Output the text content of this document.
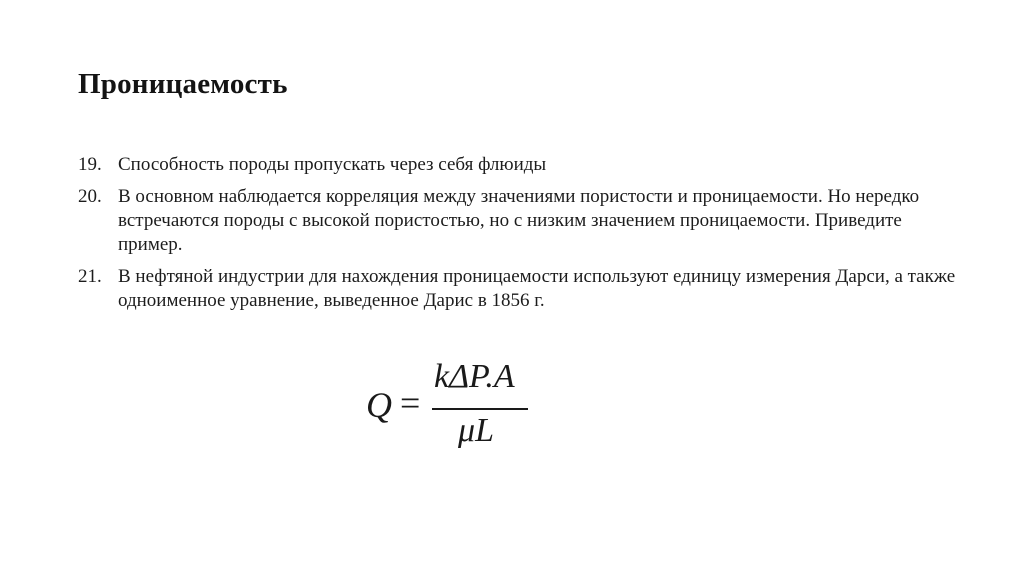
Проницаемость
19. Способность породы пропускать через себя флюиды
20. В основном наблюдается корреляция между значениями пористости и проницаемости. Но нередко встречаются породы с высокой пористостью, но с низким значением проницаемости. Приведите пример.
21. В нефтяной индустрии для нахождения проницаемости используют единицу измерения Дарси, а также одноименное уравнение, выведенное Дарис в 1856 г.
Q =
kΔP.A
μL
